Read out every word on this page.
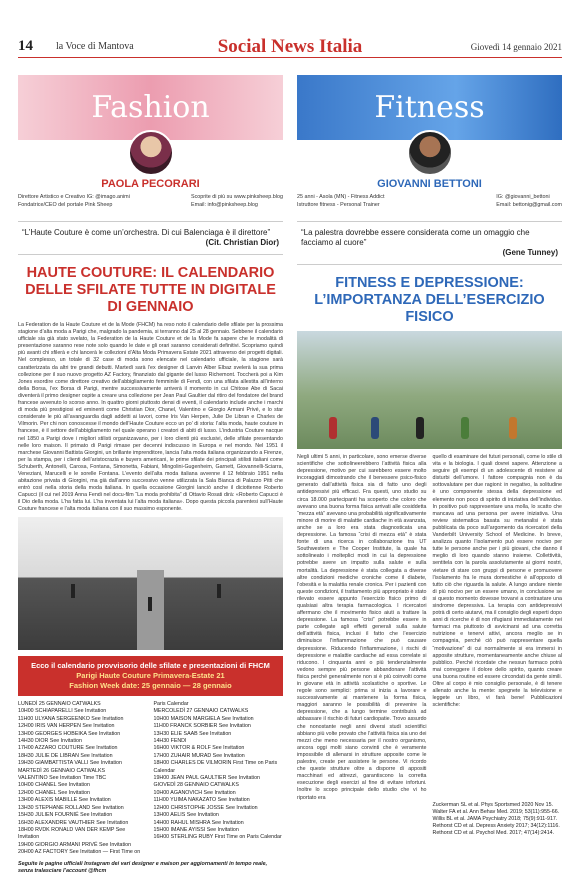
14 la Voce di Mantova	Social News Italia	Giovedì 14 gennaio 2021
Fashion
PAOLA PECORARI
Direttore Artistico e Creativo IG: @imago.animi
Fondatrice/CEO del portale Pink Sheep
Scoprite di più su www.pinksheep.blog
Email: info@pinksheep.blog
“L’Haute Couture è come un’orchestra. Di cui Balenciaga è il direttore”
(Cit. Christian Dior)
HAUTE COUTURE: IL CALENDARIO DELLE SFILATE TUTTE IN DIGITALE DI GENNAIO
La Federation de la Haute Couture et de la Mode (FHCM) ha reso noto il calendario delle sfilate per la prossima stagione d’alta moda a Parigi che, malgrado la pandemia, si terranno dal 25 al 28 gennaio. Sebbene il calendario ufficiale sia già stato svelato, la Federation de la Haute Couture et de la Mode fa sapere che le modalità di presentazione saranno rese note solo quando le date e gli orari saranno considerati definitivi. Scopriamo quindi più avanti chi sfilerà e chi lancerà le collezioni d’Alta Moda Primavera Estate 2021 attraverso dei progetti digitali. Nel complesso, un totale di 32 case di moda sono elencate nel calendario ufficiale, la stagione sarà caratterizzata da altri tre grandi debutti. Martedì sarà l’ex designer di Lanvin Alber Elbaz svelerà la sua prima collezione per il suo nuovo progetto AZ Factory, finanziato dal gigante del lusso Richemont. Toccherà poi a Kim Jones esordire come direttore creativo dell’abbigliamento femminile di Fendi, con una sfilata allestita all’interno della Borsa, l’ex Borsa di Parigi, mentre successivamente arriverà il momento in cui Chitose Abe di Sacai diventerà il primo designer ospite a creare una collezione per Jean Paul Gaultier dal ritiro del fondatore del brand francese avvenuto lo scorso anno. In quattro giorni piuttosto densi di eventi, il calendario include anche i marchi di moda più prestigiosi ed eminenti come Christian Dior, Chanel, Valentino e Giorgio Armani Privé, e lo star considerate le più all’avanguardia dagli addetti ai lavori, come Iris Van Herpen, Julie De Libran e Charles de Vilmorin. Per chi non conoscesse il mondo dell’Haute Couture ecco un po’ di storia: l’alta moda, haute couture in francese, è il settore dell’abbigliamento nel quale operano i creatori di abiti di lusso. L’industria Couture nacque nel 1850 a Parigi dove i migliori stilisti organizzavano, per i loro clienti più esclusivi, delle sfilate presentando nelle loro maison. Il primato di Parigi rimase per decenni indiscusso in Europa e nel mondo. Nel 1951 il marchese Giovanni Battista Giorgini, un brillante imprenditore, lancia l’alta moda italiana organizzando a Firenze, per la stampa, per i clienti dell’aristocrazia e buyers americani, le prime sfilate dei principali stilisti italiani come Schuberth, Antonelli, Carosa, Fontana, Simonetta, Fabiani, Mingolini-Gugenheim, Garnett, Giovannelli-Sciarra, Veneziani, Marucelli e le sorelle Fontana. L’evento dell’alta moda italiana avvenne il 12 febbraio 1951 nella abitazione privata di Giorgini, ma già dall’anno successivo venne utilizzata la Sala Bianca di Palazzo Pitti che entrò così nella storia della moda italiana. In quella occasione Giorgini lanciò anche il diciottenne Roberto Capucci (il cui nel 2019 Anna Fendi nel docu-film “La moda prohibita” di Ottavio Rosati dirà: «Roberto Capucci è il Dio della moda. L’ha fatta lui. L’ha inventata lui l’alta moda italiana». Dopo questa piccola parentesi sull’Haute Couture francese e l’alta moda italiana con il suo massimo esponente.
Ecco il calendario provvisorio delle sfilate e presentazioni di FHCM
Parigi Haute Couture Primavera-Estate 21
Fashion Week date: 25 gennaio — 28 gennaio
LUNEDÌ 25 GENNAIO CATWALKS
10H00 SCHIAPARELLI See Invitation
11H00 ULYANA SERGEENKO See Invitation
12H00 IRIS VAN HERPEN See Invitation
13H00 GEORGES HOBEIKA See Invitation
14H30 DIOR See Invitation
17H00 AZZARO COUTURE See Invitation
18H30 JULIE DE LIBRAN See Invitation
19H30 GIAMBATTISTA VALLI See Invitation
MARTEDÌ 26 GENNAIO CATWALKS
VALENTINO See Invitation Time TBC
10H00 CHANEL See Invitation
12H00 CHANEL See Invitation
13H00 ALEXIS MABILLE See Invitation
13H30 STEPHANE ROLLAND See Invitation
15H30 JULIEN FOURNIÉ See Invitation
16H30 ALEXANDRE VAUTHIER See Invitation
18H00 RVDK RONALD VAN DER KEMP See Invitation
19H00 GIORGIO ARMANI PRIVÉ See Invitation
20H00 AZ FACTORY See Invitation — First Time on
Paris Calendar
MERCOLEDÌ 27 GENNAIO CATWALKS
10H00 MAISON MARGIELA See Invitation
11H00 FRANCK SORBIER See Invitation
13H30 ELIE SAAB See Invitation
14H30 FENDI
16H00 VIKTOR & ROLF See Invitation
17H00 ZUHAIR MURAD See Invitation
18H00 CHARLES DE VILMORIN First Time on Paris Calendar
19H00 JEAN PAUL GAULTIER See Invitation
GIOVEDÌ 28 GENNAIO CATWALKS
10H00 AGANOVICH See Invitation
11H00 YUIMA NAKAZATO See Invitation
12H00 CHRISTOPHE JOSSE See Invitation
13H00 AELIS See Invitation
14H00 RAHUL MISHRA See Invitation
15H00 IMANE AYISSI See Invitation
16H00 STERLING RUBY First Time on Paris Calendar
Seguite le pagine ufficiali Instagram dei vari designer e maison per aggiornamenti in tempo reale, senza tralasciare l’account @fhcm
Fitness
GIOVANNI BETTONI
25 anni - Asola (MN) - Fitness Addict
Istruttore fitness - Personal Trainer
IG: @giovanni_bettoni
Email: bettonig@gmail.com
“La palestra dovrebbe essere considerata come un omaggio che facciamo al cuore”
(Gene Tunney)
FITNESS E DEPRESSIONE: L’IMPORTANZA DELL’ESERCIZIO FISICO
Negli ultimi 5 anni, in particolare, sono emerse diverse scientifiche che sottolineerebbero l’attività fisica alla depressione, motivo per cui sarebbero essere molto incoraggiati dimostrando che il benessere psico-fisico generato dall’attività fisica sia di fatto uno degli antidepressivi più efficaci. Fra questi, uno studio su circa 18.000 partecipanti ha scoperto che coloro che avevano una buona forma fisica arrivati alle cosiddetta “mezza età” avevano una probabilità significativamente minore di morire di malattie cardiache in età avanzata, anche se a loro era stata diagnosticata una depressione. La famosa “crisi di mezza età” è stata fonte di una ricerca in collaborazione tra UT Southwestern e The Cooper Institute, la quale ha sottolineato i molteplici modi in cui la depressione potrebbe avere un impatto sulla salute e sulla mortalità. La depressione è stata collegata a diverse altre condizioni mediche croniche come il diabete, l’obesità e la malattia renale cronica. Per i pazienti con queste condizioni, il trattamento più appropriato è stato rilevato essere appunto l’esercizio fisico primo di qualsiasi altra terapia farmacologica. I ricercatori affermano che il movimento fisico aiuti a trattare la depressione. La famosa “crisi” potrebbe essere in parte collegate agli effetti generali sulla salute dell’attività fisica, inclusi il fatto che l’esercizio diminuisce l’infiammazione che può causare depressione. Riducendo l’infiammazione, i rischi di depressione e malattie cardiache ad essa correlate si riducono. I cinquanta anni o più tendenzialmente vedono sempre più persone abbandonare l’attività fisica perché generalmente non si è più coinvolti come in giovane età in attività scolastiche o sportive. Le regole sono semplici: prima si inizia a lavorare e successivamente ai mantenere la forma fisica, maggiori saranno le possibilità di prevenire la depressione, che a lungo termine contribuirà ad abbassare il rischio di futuri cardiopatie. Trovo assurdo che nonostante negli anni diversi studi scientifici abbiano più volte provato che l’attività fisica sia uno dei mezzi che meno necessaria per il nostro organismo, ancora oggi molti siano convinti che è veramente impossibile di allenarsi in strutture apposite come le palestre, create per assistere le persone. Vi ricordo che queste strutture oltre a disporre di appositi macchinari ed attrezzi, garantiscono la corretta esecuzione degli esercizi al fine di evitare infortuni. Inoltre lo scopo principale dello studio che vi ho riportato era
quello di esaminare dei futuri personali, come lo stile di vita e la biologia. I quali dovrei sapere. Attenzione a seguire gli esempi di un adolescente di resistere ai disturbi dell’umore. I fattore compagnia non è da sottovalutare per due ragioni: in negativo, la solitudine è uno componente stessa della depressione ed elemento non poco di spirito di iniziativa dell’individuo. In positivo può rappresentare una molla, lo scatto che mancava ad una persona per avere iniziativa. Una review sistematica basata su metanalisi è stata pubblicata da poco sull’argomento da ricercatori della Vanderbilt University School of Medicine. In breve, analizza quanto l’isolamento può essere nocivo per tutte le persone anche per i più giovani, che danno il meglio di loro quando stanno insieme. Collettività, sentitela con la parola assolutamente ai giorni nostri, vietare di stare con gruppi di persone e promuovere l’isolamento fra le mura domestiche è all’opposto di tutto ciò che riguarda la salute. A lungo andare niente di più nocivo per un essere umano, in conclusione se si questo momento dovesse trovarvi a contrastare una sindrome depressiva. La terapia con antidepressivi potrà di certo aiutarvi, ma il consiglio degli esperti dopo anni di ricerche è di non rifugiarsi immediatamente nei farmaci ma piuttosto di avvicinarsi ad una corretta nutrizione e tenervi attivi, ancora meglio se in compagnia, perché ciò può rappresentare quella “motivazione” di cui normalmente si era immersi in apposite strutture, momentaneamente anche chiuse al pubblico. Perché ricordate che nessun farmaco potrà mai correggere il dolore dello spirito, quanto creare una buona routine ed essere circondati da gente simili. Oltre al corpo è mio consiglio personale, è di tenere allenato anche la mente: spegnete la televisione e leggete un libro, vi farà bene! Pubblicazioni scientifiche:
Zuckerman SL et al. Phys Sportsmed 2020 Nov 15.
Walter FA et al. Ann Behav Med. 2019; 53(11):955-66.
Willis BL et al. JAMA Psychiatry 2018; 75(9):911-917.
Rethorst CD et al. Depress Anxiety 2017; 34(12):1116.
Rethorst CD et al. Psychol Med. 2017; 47(14):2414.
